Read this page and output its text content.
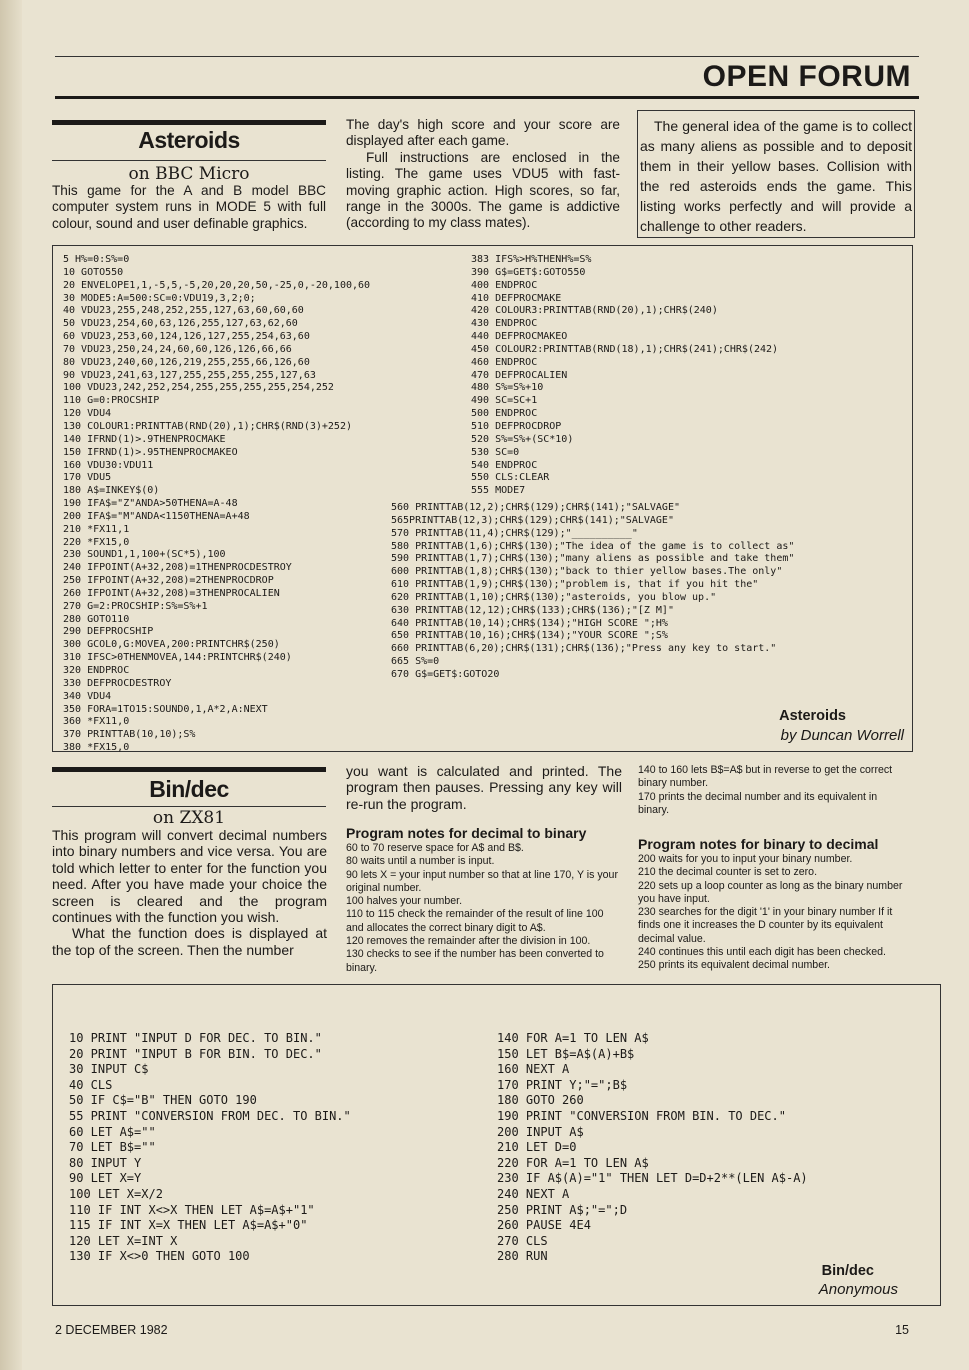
OPEN FORUM
Asteroids
on BBC Micro
This game for the A and B model BBC computer system runs in MODE 5 with full colour, sound and user definable graphics.

The day's high score and your score are displayed after each game.

Full instructions are enclosed in the listing. The game uses VDU5 with fast-moving graphic action. High scores, so far, range in the 3000s. The game is addictive (according to my class mates).

The general idea of the game is to collect as many aliens as possible and to deposit them in their yellow bases. Collision with the red asteroids ends the game. This listing works perfectly and will provide a challenge to other readers.
5 H%=0:S%=0
10 GOTO550
20 ENVELOPE1,1,-5,5,-5,20,20,20,50,-25,0,-20,100,60
30 MODE5:A=500:SC=0:VDU19,3,2;0;
40 VDU23,255,248,252,255,127,63,60,60,60
50 VDU23,254,60,63,126,255,127,63,62,60
60 VDU23,253,60,124,126,127,255,254,63,60
70 VDU23,250,24,24,60,60,126,126,66,66
80 VDU23,240,60,126,219,255,255,66,126,60
90 VDU23,241,63,127,255,255,255,255,127,63
100 VDU23,242,252,254,255,255,255,255,254,252
110 G=0:PROCSHIP
120 VDU4
130 COLOUR1:PRINTTAB(RND(20),1);CHR$(RND(3)+252)
140 IFRND(1)>.9THENPROCMAKE
150 IFRND(1)>.95THENPROCMAKEO
160 VDU30:VDU11
170 VDU5
180 A$=INKEY$(0)
190 IFA$="Z"ANDA>50THENA=A-48
200 IFA$="M"ANDA<1150THENA=A+48
210 *FX11,1
220 *FX15,0
230 SOUND1,1,100+(SC*5),100
240 IFPOINT(A+32,208)=1THENPROCDESTROY
250 IFPOINT(A+32,208)=2THENPROCDROP
260 IFPOINT(A+32,208)=3THENPROCALIEN
270 G=2:PROCSHIP:S%=S%+1
280 GOTO110
290 DEFPROCSHIP
300 GCOL0,G:MOVEA,200:PRINTCHR$(250)
310 IFSC>0THENMOVEA,144:PRINTCHR$(240)
320 ENDPROC
330 DEFPROCDESTROY
340 VDU4
350 FORA=1TO15:SOUND0,1,A*2,A:NEXT
360 *FX11,0
370 PRINTTAB(10,10);S%
380 *FX15,0
383 IFS%>H%THENH%=S%
390 G$=GET$:GOTO550
400 ENDPROC
410 DEFPROCMAKE
420 COLOUR3:PRINTTAB(RND(20),1);CHR$(240)
430 ENDPROC
440 DEFPROCMAKEO
450 COLOUR2:PRINTTAB(RND(18),1);CHR$(241);CHR$(242)
460 ENDPROC
470 DEFPROCALIEN
480 S%=S%+10
490 SC=SC+1
500 ENDPROC
510 DEFPROCDROP
520 S%=S%+(SC*10)
530 SC=0
540 ENDPROC
550 CLS:CLEAR
555 MODE7
560 PRINTTAB(12,2);CHR$(129);CHR$(141);"SALVAGE"
565PRINTTAB(12,3);CHR$(129);CHR$(141);"SALVAGE"
570 PRINTTAB(11,4);CHR$(129);"__________"
580 PRINTTAB(1,6);CHR$(130);"The idea of the game is to collect as"
590 PRINTTAB(1,7);CHR$(130);"many aliens as possible and take them"
600 PRINTTAB(1,8);CHR$(130);"back to thier yellow bases.The only"
610 PRINTTAB(1,9);CHR$(130);"problem is, that if you hit the"
620 PRINTTAB(1,10);CHR$(130);"asteroids, you blow up."
630 PRINTTAB(12,12);CHR$(133);CHR$(136);"[Z M]"
640 PRINTTAB(10,14);CHR$(134);"HIGH SCORE ";H%
650 PRINTTAB(10,16);CHR$(134);"YOUR SCORE ";S%
660 PRINTTAB(6,20);CHR$(131);CHR$(136);"Press any key to start."
665 S%=0
670 G$=GET$:GOTO20
Asteroids
by Duncan Worrell
Bin/dec
on ZX81

This program will convert decimal numbers into binary numbers and vice versa. You are told which letter to enter for the function you need. After you have made your choice the screen is cleared and the program continues with the function you wish.

What the function does is displayed at the top of the screen. Then the number

you want is calculated and printed. The program then pauses. Pressing any key will re-run the program.
Program notes for decimal to binary

60 to 70 reserve space for A$ and B$.

80 waits until a number is input.

90 lets X = your input number so that at line 170, Y is your original number.

100 halves your number.

110 to 115 check the remainder of the result of line 100 and allocates the correct binary digit to A$.

120 removes the remainder after the division in 100.

130 checks to see if the number has been converted to binary.

140 to 160 lets B$=A$ but in reverse to get the correct binary number.

170 prints the decimal number and its equivalent in binary.

Program notes for binary to decimal

200 waits for you to input your binary number.

210 the decimal counter is set to zero.

220 sets up a loop counter as long as the binary number you have input.

230 searches for the digit '1' in your binary number If it finds one it increases the D counter by its equivalent decimal value.

240 continues this until each digit has been checked.

250 prints its equivalent decimal number.

10 PRINT "INPUT D FOR DEC. TO BIN."
20 PRINT "INPUT B FOR BIN. TO DEC."
30 INPUT C$
40 CLS
50 IF C$="B" THEN GOTO 190
55 PRINT "CONVERSION FROM DEC. TO BIN."
60 LET A$=""
70 LET B$=""
80 INPUT Y
90 LET X=Y
100 LET X=X/2
110 IF INT X<>X THEN LET A$=A$+"1"
115 IF INT X=X THEN LET A$=A$+"0"
120 LET X=INT X
130 IF X<>0 THEN GOTO 100
140 FOR A=1 TO LEN A$
150 LET B$=A$(A)+B$
160 NEXT A
170 PRINT Y;"=";B$
180 GOTO 260
190 PRINT "CONVERSION FROM BIN. TO DEC."
200 INPUT A$
210 LET D=0
220 FOR A=1 TO LEN A$
230 IF A$(A)="1" THEN LET D=D+2**(LEN A$-A)
240 NEXT A
250 PRINT A$;"=";D
260 PAUSE 4E4
270 CLS
280 RUN
Bin/dec
Anonymous
2 DECEMBER 1982	15
